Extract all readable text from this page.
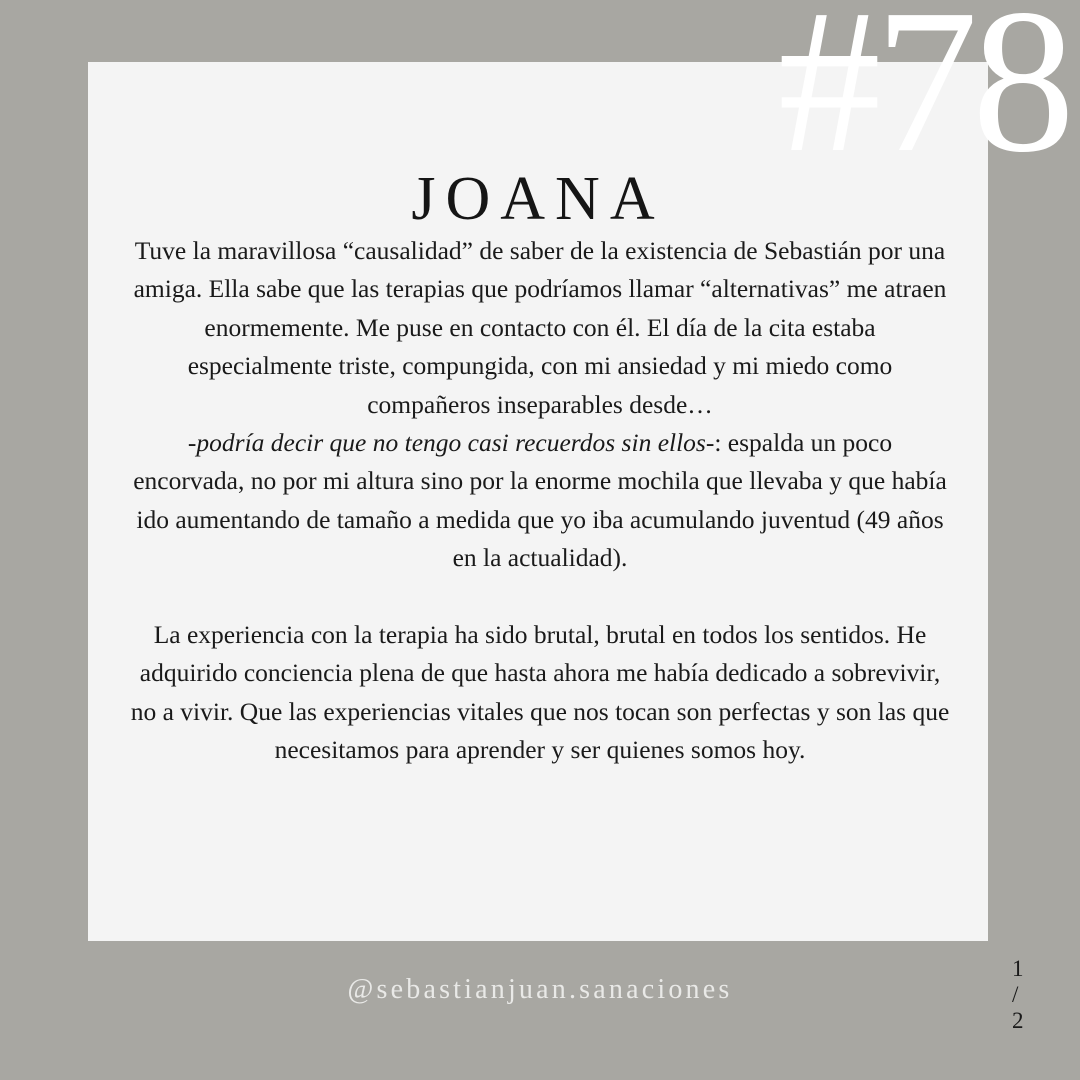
JOANA
1 / 2

Tuve la maravillosa “causalidad” de saber de la existencia de Sebastián por una amiga. Ella sabe que las terapias que podríamos llamar “alternativas” me atraen enormemente. Me puse en contacto con él. El día de la cita estaba especialmente triste, compungida, con mi ansiedad y mi miedo como compañeros inseparables desde…
-podría decir que no tengo casi recuerdos sin ellos-: espalda un poco encorvada, no por mi altura sino por la enorme mochila que llevaba y que había ido aumentando de tamaño a medida que yo iba acumulando juventud (49 años en la actualidad).

La experiencia con la terapia ha sido brutal, brutal en todos los sentidos. He adquirido conciencia plena de que hasta ahora me había dedicado a sobrevivir, no a vivir. Que las experiencias vitales que nos tocan son perfectas y son las que necesitamos para aprender y ser quienes somos hoy.

#78
@sebastianjuan.sanaciones
